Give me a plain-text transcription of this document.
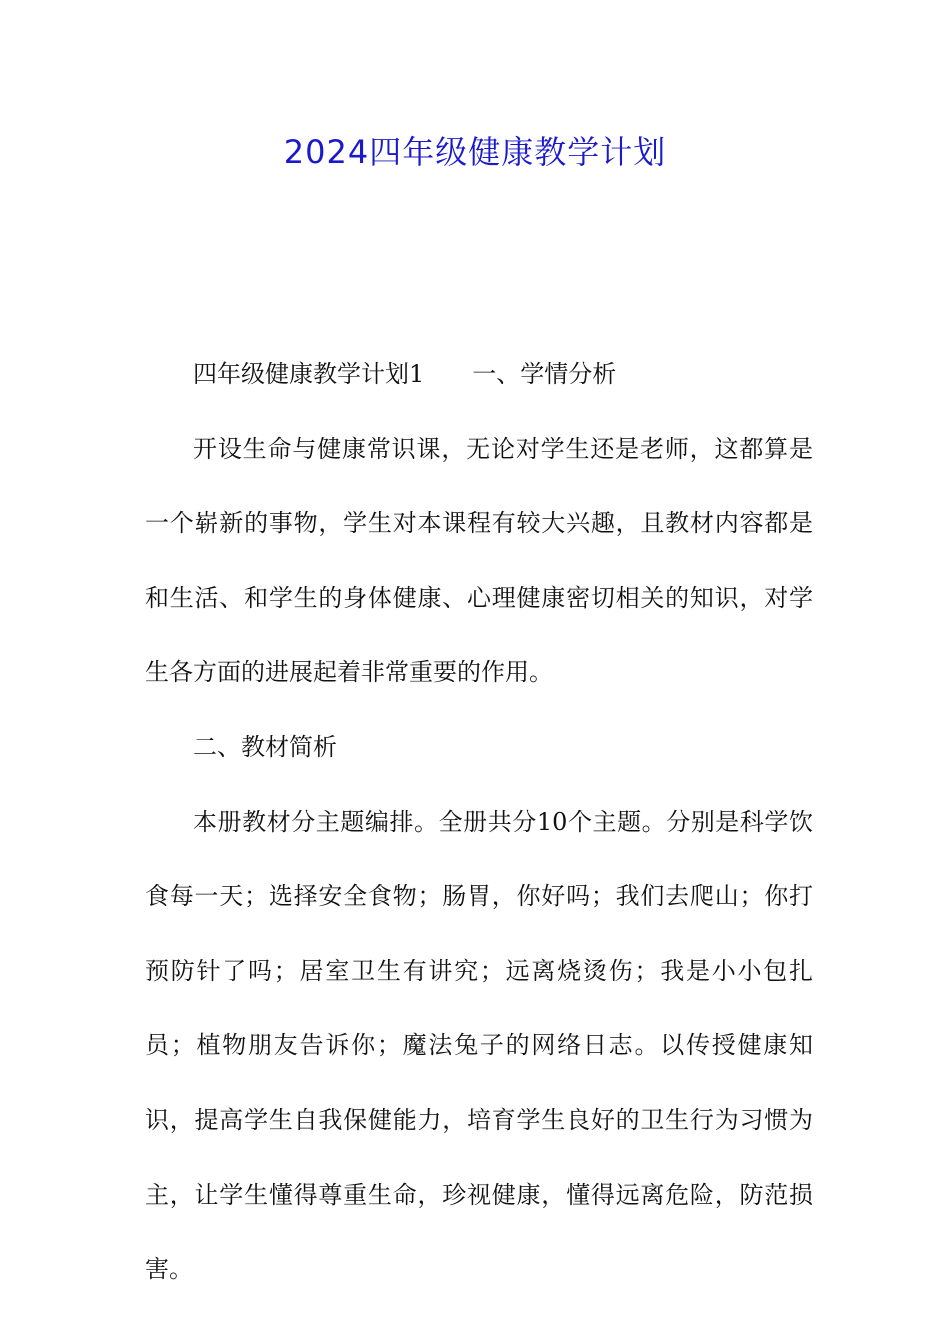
2024四年级健康教学计划

四年级健康教学计划1 一、学情分析

开设生命与健康常识课，无论对学生还是老师，这都算是一个崭新的事物，学生对本课程有较大兴趣，且教材内容都是和生活、和学生的身体健康、心理健康密切相关的知识，对学生各方面的进展起着非常重要的作用。

二、教材简析

本册教材分主题编排。全册共分10个主题。分别是科学饮食每一天；选择安全食物；肠胃，你好吗；我们去爬山；你打预防针了吗；居室卫生有讲究；远离烧烫伤；我是小小包扎员；植物朋友告诉你；魔法兔子的网络日志。以传授健康知识，提高学生自我保健能力，培育学生良好的卫生行为习惯为主，让学生懂得尊重生命，珍视健康，懂得远离危险，防范损害。
